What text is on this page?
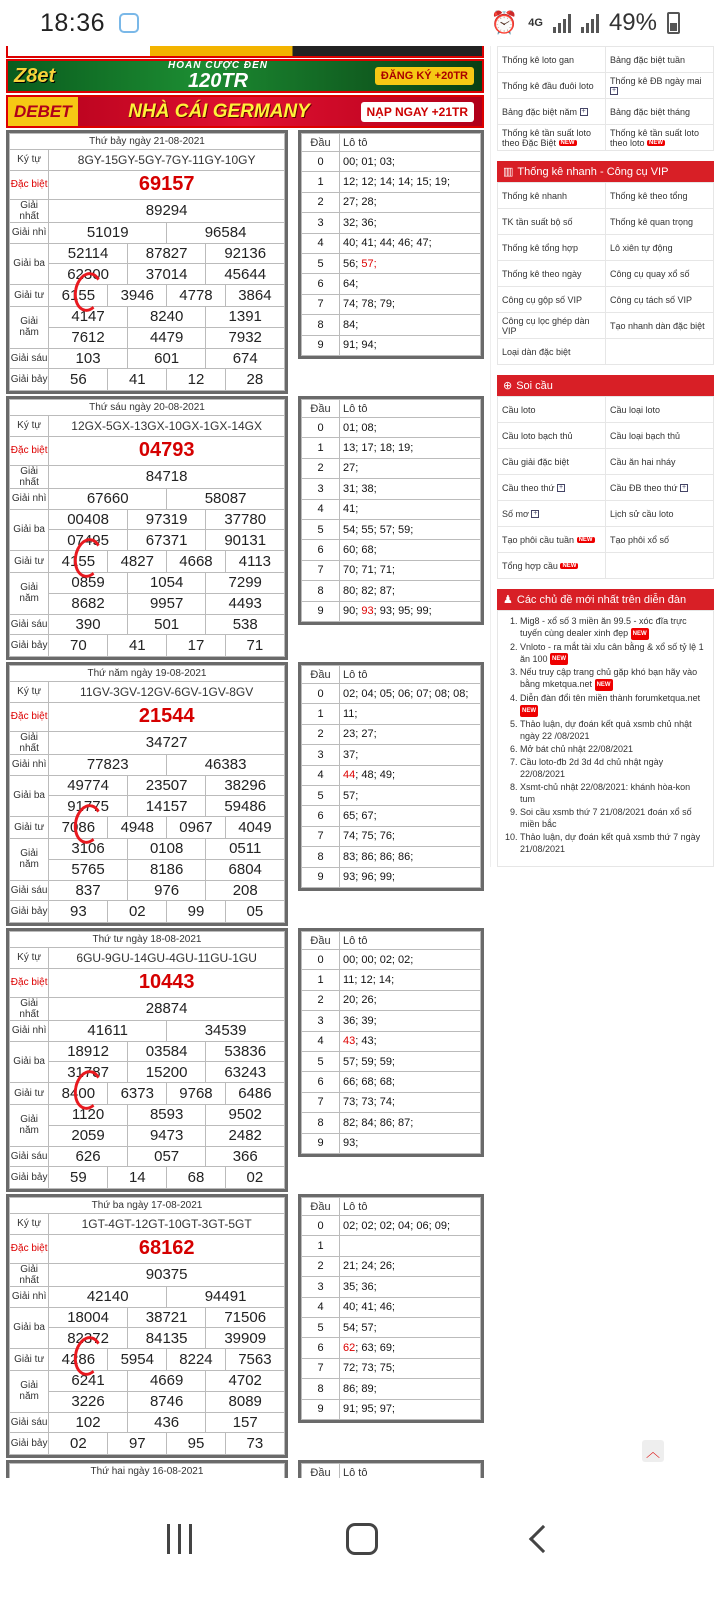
18:36	⏰ 4G	49%
Z8et	HOÀN CƯỢC ĐẾN
120TR	ĐĂNG KÝ +20TR
DEBET	NHÀ CÁI GERMANY	NẠP NGAY +21TR
Thứ bảy ngày 21-08-2021
Ký tự	8GY-15GY-5GY-7GY-11GY-10GY
Đặc biệt	69157
Giải nhất	89294
Giải nhì	51019	96584
Giải ba	52114	87827	92136
62300	37014	45644
Giải tư	6155	3946	4778	3864

Giải năm	4147	8240	1391
7612	4479	7932
Giải sáu	103	601	674
Giải bảy	56	41	12	28
Đầu	Lô tô
0	00; 01; 03;
1	12; 12; 14; 14; 15; 19;
2	27; 28;
3	32; 36;
4	40; 41; 44; 46; 47;
5	56; 57;
6	64;
7	74; 78; 79;
8	84;
9	91; 94;
Thứ sáu ngày 20-08-2021
Ký tự	12GX-5GX-13GX-10GX-1GX-14GX
Đặc biệt	04793
Giải nhất	84718
Giải nhì	67660	58087
Giải ba	00408	97319	37780
07495	67371	90131
Giải tư	4155	4827	4668	4113

Giải năm	0859	1054	7299
8682	9957	4493
Giải sáu	390	501	538
Giải bảy	70	41	17	71
Đầu	Lô tô
0	01; 08;
1	13; 17; 18; 19;
2	27;
3	31; 38;
4	41;
5	54; 55; 57; 59;
6	60; 68;
7	70; 71; 71;
8	80; 82; 87;
9	90; 93; 93; 95; 99;
Thứ năm ngày 19-08-2021
Ký tự	11GV-3GV-12GV-6GV-1GV-8GV
Đặc biệt	21544
Giải nhất	34727
Giải nhì	77823	46383
Giải ba	49774	23507	38296
91775	14157	59486
Giải tư	7086	4948	0967	4049

Giải năm	3106	0108	0511
5765	8186	6804
Giải sáu	837	976	208
Giải bảy	93	02	99	05
Đầu	Lô tô
0	02; 04; 05; 06; 07; 08; 08;
1	11;
2	23; 27;
3	37;
4	44; 48; 49;
5	57;
6	65; 67;
7	74; 75; 76;
8	83; 86; 86; 86;
9	93; 96; 99;
Thứ tư ngày 18-08-2021
Ký tự	6GU-9GU-14GU-4GU-11GU-1GU
Đặc biệt	10443
Giải nhất	28874
Giải nhì	41611	34539
Giải ba	18912	03584	53836
31787	15200	63243
Giải tư	8400	6373	9768	6486

Giải năm	1120	8593	9502
2059	9473	2482
Giải sáu	626	057	366
Giải bảy	59	14	68	02
Đầu	Lô tô
0	00; 00; 02; 02;
1	11; 12; 14;
2	20; 26;
3	36; 39;
4	43; 43;
5	57; 59; 59;
6	66; 68; 68;
7	73; 73; 74;
8	82; 84; 86; 87;
9	93;
Thứ ba ngày 17-08-2021
Ký tự	1GT-4GT-12GT-10GT-3GT-5GT
Đặc biệt	68162
Giải nhất	90375
Giải nhì	42140	94491
Giải ba	18004	38721	71506
82372	84135	39909
Giải tư	4286	5954	8224	7563

Giải năm	6241	4669	4702
3226	8746	8089
Giải sáu	102	436	157
Giải bảy	02	97	95	73
Đầu	Lô tô
0	02; 02; 02; 04; 06; 09;
1	
2	21; 24; 26;
3	35; 36;
4	40; 41; 46;
5	54; 57;
6	62; 63; 69;
7	72; 73; 75;
8	86; 89;
9	91; 95; 97;
Thứ hai ngày 16-08-2021	Đầu	Lô tô
Thống kê loto gan	Bảng đặc biệt tuần
Thống kê đầu đuôi loto	Thống kê ĐB ngày mai +
Bảng đặc biệt năm +	Bảng đặc biệt tháng
Thống kê tần suất loto theo Đặc Biệt NEW	Thống kê tần suất loto theo loto NEW
▥ Thống kê nhanh - Công cụ VIP
Thống kê nhanh	Thống kê theo tổng
TK tần suất bộ số	Thống kê quan trọng
Thống kê tổng hợp	Lô xiên tự động
Thống kê theo ngày	Công cụ quay xổ số
Công cụ gộp số VIP	Công cụ tách số VIP
Công cụ lọc ghép dàn VIP	Tạo nhanh dàn đặc biệt
Loại dàn đặc biệt	
⊕ Soi cầu
Cầu loto	Cầu loại loto
Cầu loto bạch thủ	Cầu loại bạch thủ
Cầu giải đặc biệt	Cầu ăn hai nháy
Cầu theo thứ +	Cầu ĐB theo thứ +
Số mơ +	Lịch sử cầu loto
Tạo phôi cầu tuần NEW	Tạo phôi xổ số
Tổng hợp cầu NEW	
♟ Các chủ đề mới nhất trên diễn đàn
1. Mig8 - xổ số 3 miền ăn 99.5 - xóc đĩa trực tuyến cùng dealer xinh đẹp NEW
2. Vnloto - ra mắt tài xỉu cân bằng & xổ số tỷ lệ 1 ăn 100 NEW
3. Nếu truy cập trang chủ gặp khó bạn hãy vào bằng mketqua.net NEW
4. Diễn đàn đổi tên miền thành forumketqua.net NEW
5. Thảo luận, dự đoán kết quả xsmb chủ nhật ngày 22 /08/2021
6. Mở bát chủ nhật 22/08/2021
7. Cầu loto-đb 2d 3d 4d chủ nhật ngày 22/08/2021
8. Xsmt-chủ nhật 22/08/2021: khánh hòa-kon tum
9. Soi cầu xsmb thứ 7 21/08/2021 đoán xổ số miền bắc
10. Thảo luận, dự đoán kết quả xsmb thứ 7 ngày 21/08/2021
︿
